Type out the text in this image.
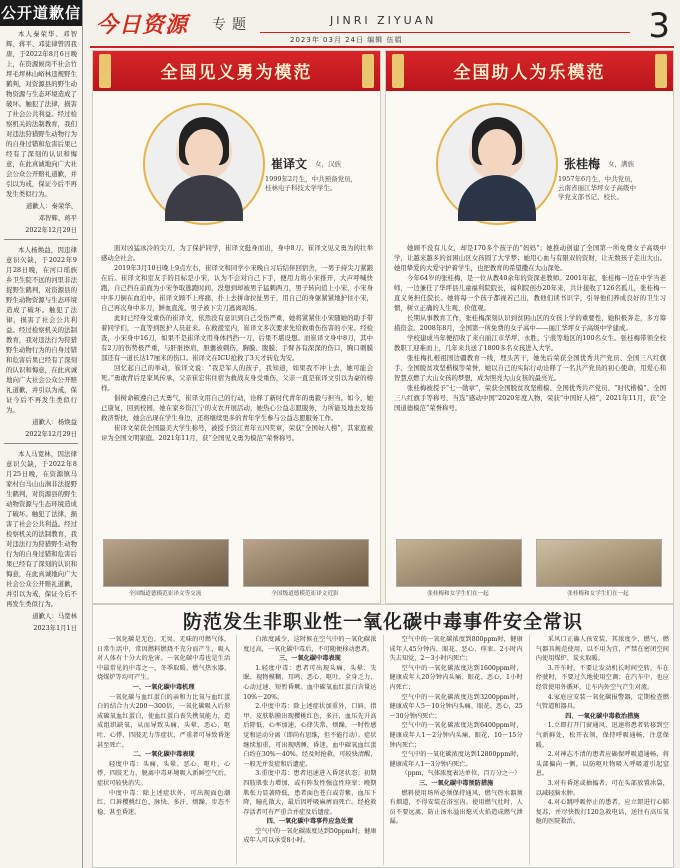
公开道歉信
本人秦荣华、邓智辉、蒋平、邓徒律曾因我唐，于2022年8月6日晚上，在资源候岗不社会竹坪毛坪林山峪林违规野生鹤判，对资源县的野生动物资源与生态环境造成了破坏。触犯了法律，损害了社会公共利益。经过检察机关的法制教育，我们对违法狩猎野生动物行为的自身过错和危害后果已经有了深刻的认识和悔意，在此真诚地向广大社会公众公开赔礼道歉，并引以为戒，保证今后不再发生类似行为。
道歉人：秦荣华、
邓智辉、蒋平
2022年12月29日
本人杨焕益，因违律意识欠缺，于2022年9月28日晚，在河口瑶族乡卫生院不远的河里非法捉野生鹤判，对资源县的野生动物资源与生态环境造成了破坏。触犯了法律，损害了社会公共利益。经过检察机关的法制教育，我对违法行为狩猎野生动物行为的自身过错和危害后果已经有了深刻的认识和悔意，在此真诚地向广大社会公众公开赔礼道歉，并引以为戒，保证今后不再发生类似行为。
道歉人：杨焕益
2022年12月29日
本人马宽林，因法律意识欠缺，于2022年8月25日晚，在资源镇马家村白马山山涧非法捉野生鹤判，对资源县的野生动物资源与生态环境造成了破坏。触犯了法律，损害了社会公共利益。经过检察机关的法制教育，我对违法行为狩猎野生动物行为的自身过错和危害后果已经有了深刻的认识和悔意，在此真诚地向广大社会公众公开赔礼道歉，并引以为戒，保证今后不再发生类似行为。
道歉人：马宽林
2023年1月1日
今日资源 专题	JINRI ZIYUAN
2023年 03月 24日 编辑 伍娟	3
全国见义勇为模范
崔译文 女，汉族
1999年2月生，中共预备党员，
桂林电子科技大学学生。

面对凶猛冰冷的尖刀，为了保护同学，崔译文挺身而出，身中8刀。崔译文见义勇为的壮举感动全社会。

2019年3月10日晚上9点左右，崔译文和同学小宋晚自习后结伴回宿舍，一男子持尖刀紧跟在后。崔译文和室友手的目标是小宋，认为不会对自己下手，便用力将小宋推开，大声呼喊快跑，自己挡在前面为小宋争取逃跑时间，没想到却被男子猛刺两刀，男子转向追上小宋，小宋身中多刀倒在血泊中。崔译文顾不上疼痛，扑上去拼命拉扯男子，用自己的身躯紧紧地护住小宋，自己再次身中多刀，鲜血直流。男子被下尖刀逃离现场。

此时已经身受重伤的崔译文，依然没有意识到自己受伤严重，她将紧紧住小宋随她的助手带着同学们，一直等到医护人员赶来。在救援室内，崔译文多次要求先给救重伤伤害的小宋。经检查，小宋身中16刀，如果不是崔译文用身体挡挡一刀，后果不堪设想。而崔译文身中8刀，其中有2刀的伤势极严重，与肝脏擦肩，胆囊被刺伤，胸膜、腹膜、手臂各有深深的伤口，胸口刺膜部还有一道长达17厘米的伤口。崔译文在ICU抢救了3天才转危为安。

回忆起自己的举动，崔译文说：“我是军人的孩子，我知道，如果我不冲上去，她可能会死。”勇敢背后是家风传承，父亲崔宏伟住宿为救战友身受重伤，父亲一直是崔译文引以为豪的榜样。

倡树命顿遵自己大勇气，崔译文用自己的行动，诠释了新时代青年的勇毅与担当。如今，她已康复，回到校园，她在家乡资江宁的支农开展活动，她热心公益志愿服务，力所能及地去发扬救济帮扶，她会出现在学生身边，还将继续更多的青年学生参与公益志愿服务工作。

崔译文荣获全国最美大学生称号，被授予资江青年五四奖章，荣获“全国好人榜”，其家庭被评为全国文明家庭。2021年11月，获“全国见义勇为模范”荣誉称号。

全国级道德模范崔译文等交流	全国级道德模范崔译文近影
全国助人为乐模范
张桂梅 女，满族
1957年6月生，中共党员，
云南省丽江华坪女子高级中
学党支部书记、校长。

她顾不没有儿女，却是170多个孩子的“妈妈”；她推动创建了全国第一所免费女子高级中学，让越来越多的贫困山区女孩圆了大学梦；她用心血与有限双的资财，让无数孩子走出大山。她用挚爱的大爱守护着学生，也把教育的希望撒在大山深处。

今年64岁的张桂梅，是一位从教40余年的资深老教师。2001年起，张桂梅一边在中学当老师，一边兼任了华坪县儿童福利院院长，福利院创办20年来，共计接收了126名孤儿，张桂梅一直义务担任院长。她将每一个孩子都视若己出，教他们读书识字，引导他们养成良好的卫生习惯，树立正确的人生观、价值观。

长期从事教育工作，张桂梅深刻认识到贫困山区的女孩上学的重要性，她积极奔走，多方筹措资金。2008年8月，全国第一所免费的女子高中——丽江华坪女子高级中学建成。

学校建成当年便招收了来自丽江市华坪、永胜、宁蒗等地区的100名女生。张桂梅带领全校教职工迎难而上，几年来共送了1800多名女孩进入大学。

张桂梅扎根祖国边疆教育一线，埋头苦干，她先后荣获全国优秀共产党员、全国三八红旗手、全国脱贫攻坚楷模等荣誉，她以自己的实际行动诠释了一名共产党员的初心使命，用爱心和智慧点燃了大山女孩的梦想，成为照亮大山女孩的最亮光。

张桂梅被授予“七一勋章”，荣获全国脱贫攻坚楷模、全国优秀共产党员、“时代楷模”、全国三八红旗手等称号，当选“感动中国”2020年度人物，荣获“中国好人榜”，2021年11月，获“全国道德模范”荣誉称号。

张桂梅和女学生们在一起	张桂梅和女学生们在一起
防范发生非职业性一氧化碳中毒事件安全常识

一氧化碳是无色、无臭、无味的可燃气体，日常生活中，常因燃料燃烧不充分而产生，吸入对人体有十分大的危害。一氧化碳中毒也是生活中最常见的中毒之一，冬季取暖、燃气热水器、烧煤炉等均可产生。

一、一氧化碳中毒机理

一氧化碳与血红蛋白的亲和力比氧与血红蛋白的结合力大200～300倍，一氧化碳吸入后形成碳氧血红蛋白，使血红蛋白丧失携氧能力，造成组织缺氧，从而导致头痛、头晕、恶心、呕吐、心悸、四肢无力等症状，严重者可导致昏迷甚至死亡。

二、一氧化碳中毒表现

轻度中毒：头痛、头晕、恶心、呕吐、心悸、四肢无力，脱离中毒环境吸入新鲜空气后，症状可较快消失。

中度中毒：除上述症状外，可出现面色潮红、口唇樱桃红色、脉快、多汗、烦躁、步态不稳，甚至昏迷。

白浓度减少，这时候在空气中的一氧化碳浓度过高，一氧化碳中毒后，不可随便移动患者。

三、一氧化碳中毒表现

1.轻度中毒：患者可出现头痛、头晕、失眠、视物模糊、耳鸣、恶心、呕吐、全身乏力、心动过速、短暂昏厥。血中碳氧血红蛋白含量达10%～20%。

2.中度中毒：除上述症状加重外，口唇、指甲、皮肤粘膜出现樱桃红色，多汗，血压先升高后降低，心率加速，心律失常，烦躁，一时性感觉和运动分离（即尚有思维，但不能行动）。症状继续加重，可出现嗜睡、昏迷。血中碳氧血红蛋白约在30%～40%。经及时抢救，可较快清醒，一般无并发症和后遗症。

3.重度中毒：患者迅速进入昏迷状态。初期四肢肌张力增加，或有阵发性强直性痉挛；晚期肌张力显著降低，患者面色苍白或青紫，血压下降，瞳孔散大，最后因呼吸麻痹而死亡。经抢救存活者可有严重合并症及后遗症。

四、一氧化碳中毒事件应急处置

空气中的一氧化碳浓度达到50ppm时，健康成年人可以承受8小时。

空气中的一氧化碳浓度到800ppm时，健康成年人45分钟内，眼花、恶心、痉挛。2小时内失去知觉，2～3小时内死亡；

空气中的一氧化碳浓度达到1600ppm时，健康成年人20分钟内头痛、眼花、恶心，1小时内死亡；

空气中的一氧化碳浓度达到3200ppm时，健康成年人5～10分钟内头痛、眼花、恶心，25～30分钟内死亡；

空气中的一氧化碳浓度达到6400ppm时，健康成年人1～2分钟内头痛、眼花，10～15分钟内死亡；

空气中的一氧化碳浓度达到12800ppm时，健康成年人1～3分钟内死亡。

（ppm，气体浓度表达单位，百万分之一）

三、一氧化碳中毒预防措施

燃料使用场所必须保持通风，燃气热水器须有烟道，不得安装在浴室内。使用燃气灶时，人员不要远离，防止汤水溢出熄灭火焰造成燃气泄漏。

采风口正确人孩安装，其浓度少，燃气，燃气器具规范使用，以不用为宜，严禁在密闭空间内使用煤炉、炭火取暖。

3.开车时，不要让发动机长时间空转，车在停驶时，不要过久地使用空调；在汽车中，也应经常使用外循环，让车内外空气产生对流。

4.家庭应安装一氧化碳报警器，定期检查燃气管道和器具。

四、一氧化碳中毒救治措施

1.立即打开门窗通风，迅速将患者转移到空气新鲜处，松开衣领，保持呼吸通畅，注意保暖。

2.对神志不清的患者应确保呼吸道通畅，将头部偏向一侧，以防呕吐物吸入呼吸道引起窒息。

3.对有昏迷或抽搐者，可在头部放置冰袋，以减轻脑水肿。

4.对心跳呼吸停止的患者，应立即进行心肺复苏，并尽快拨打120急救电话，送往有高压氧舱的医院救治。
